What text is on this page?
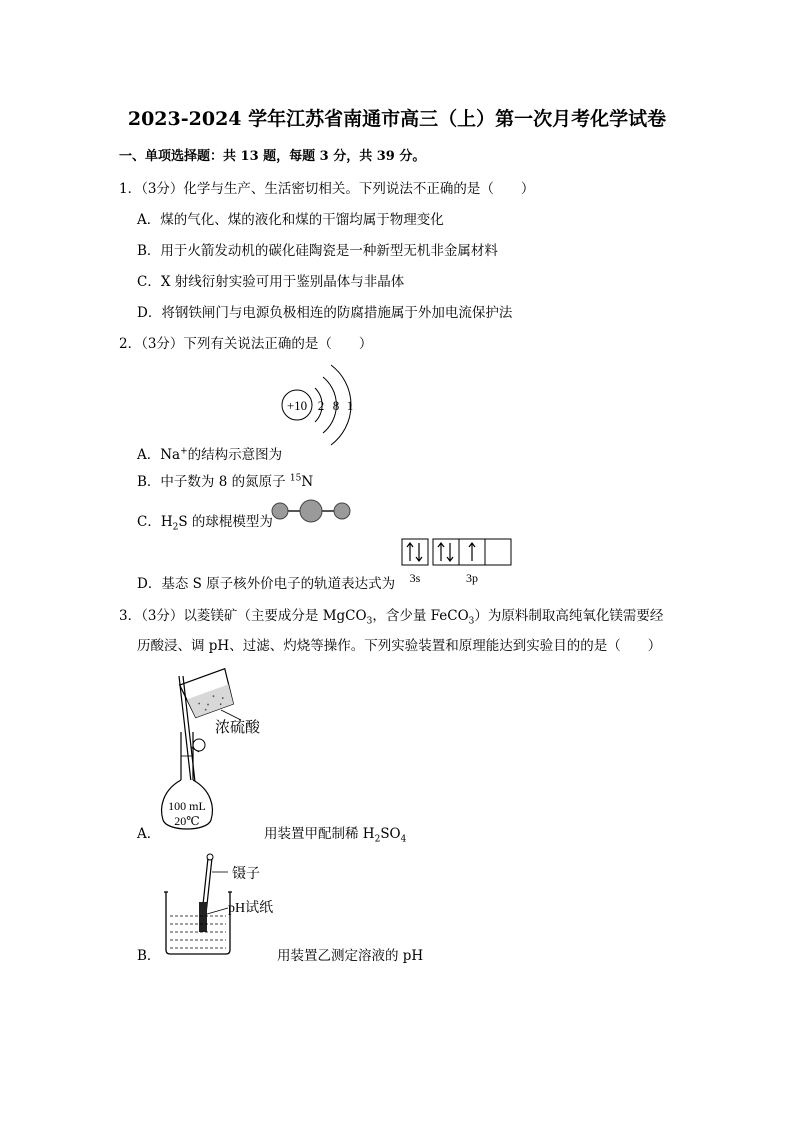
2023-2024 学年江苏省南通市高三（上）第一次月考化学试卷
一、单项选择题：共 13 题，每题 3 分，共 39 分。
1．（3分）化学与生产、生活密切相关。下列说法不正确的是（　　）
A．煤的气化、煤的液化和煤的干馏均属于物理变化
B．用于火箭发动机的碳化硅陶瓷是一种新型无机非金属材料
C．X 射线衍射实验可用于鉴别晶体与非晶体
D．将钢铁闸门与电源负极相连的防腐措施属于外加电流保护法
2．（3分）下列有关说法正确的是（　　）
+10 2 8 1
A．Na+的结构示意图为
B．中子数为 8 的氮原子 $^{15}$N
C．$H_2S$ 的球棍模型为
D．基态 S 原子核外价电子的轨道表达式为 3s	3p
3．（3分）以菱镁矿（主要成分是 MgCO$_3$，含少量 FeCO$_3$）为原料制取高纯氧化镁需要经
历酸浸、调 pH、过滤、灼烧等操作。下列实验装置和原理能达到实验目的的是（　　）
浓硫酸
100 mL
20℃
A．	用装置甲配制稀 $H_2SO_4$
镊子
pH试纸
B．	用装置乙测定溶液的 pH
